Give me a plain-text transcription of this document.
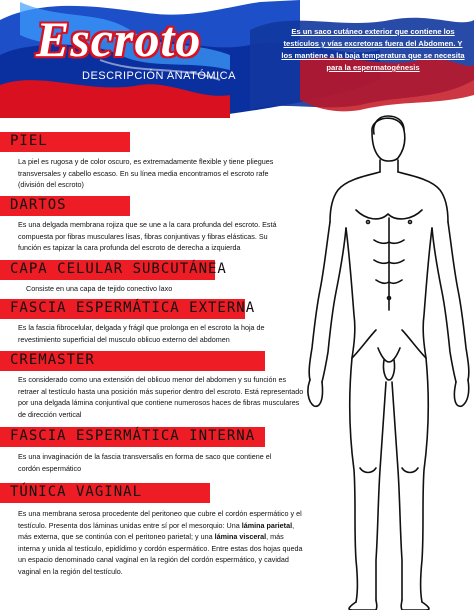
Escroto
DESCRIPCIÓN ANATÓMICA
Es un saco cutáneo exterior que contiene los testículos y vías excretoras fuera del Abdomen. Y los mantiene a la baja temperatura que se necesita para la espermatogénesis
PIEL
La piel es rugosa y de color oscuro, es extremadamente flexible y tiene pliegues transversales y cabello escaso. En su línea media encontramos el escroto rafe (división del escroto)
DARTOS
Es una delgada membrana rojiza que se une a la cara profunda del escroto. Está compuesta por fibras musculares lisas, fibras conjuntivas y fibras elásticas. Su función es tapizar la cara profunda del escroto de derecha a izquierda
CAPA CELULAR SUBCUTÁNEA
Consiste en una capa de tejido conectivo laxo
FASCIA ESPERMÁTICA EXTERNA
Es la fascia fibrocelular, delgada y frágil que prolonga en el escroto la hoja de revestimiento superficial del musculo oblicuo externo del abdomen
CREMASTER
Es considerado como una extensión del oblicuo menor del abdomen y su función es retraer al testículo hasta una posición más superior dentro del escroto. Está representado por una delgada lámina conjuntival que contiene numerosos haces de fibras musculares de dirección vertical
FASCIA ESPERMÁTICA INTERNA
Es una invaginación de la fascia transversalis en forma de saco que contiene el cordón espermático
TÚNICA VAGINAL
Es una membrana serosa procedente del peritoneo que cubre el cordón espermático y el testículo. Presenta dos láminas unidas entre sí por el mesorquio: Una lámina parietal, más externa, que se continúa con el peritoneo parietal; y una lámina visceral, más interna y unida al testículo, epidídimo y cordón espermático. Entre estas dos hojas queda un espacio denominado canal vaginal en la región del cordón espermático, y cavidad vaginal en la región del testículo.
